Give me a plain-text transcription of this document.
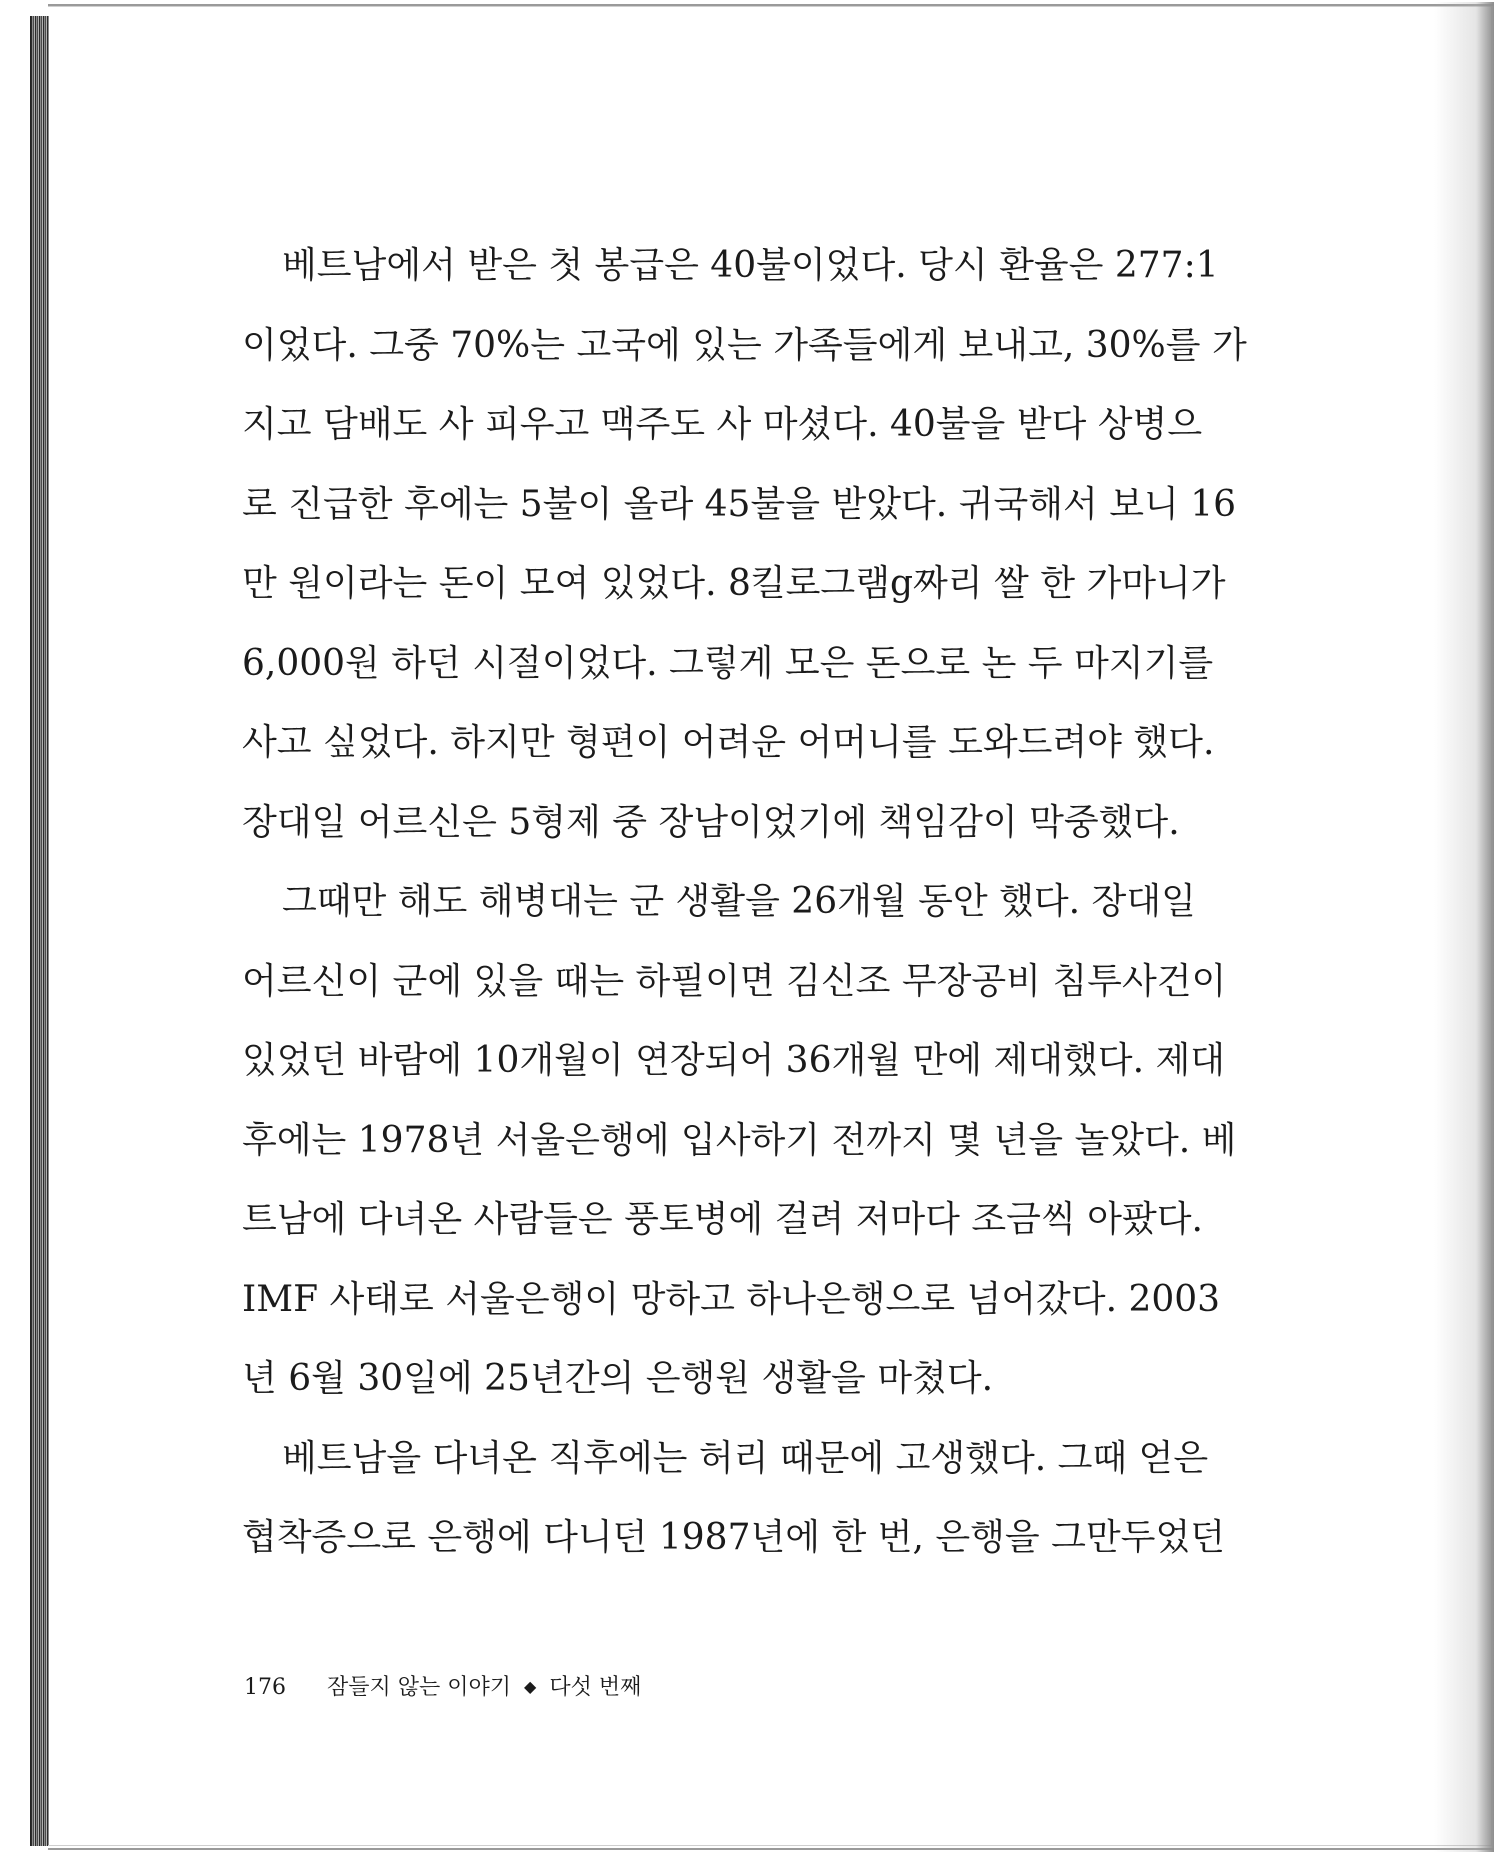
베트남에서 받은 첫 봉급은 40불이었다. 당시 환율은 277:1
이었다. 그중 70%는 고국에 있는 가족들에게 보내고, 30%를 가
지고 담배도 사 피우고 맥주도 사 마셨다. 40불을 받다 상병으
로 진급한 후에는 5불이 올라 45불을 받았다. 귀국해서 보니 16
만 원이라는 돈이 모여 있었다. 8킬로그램g짜리 쌀 한 가마니가
6,000원 하던 시절이었다. 그렇게 모은 돈으로 논 두 마지기를
사고 싶었다. 하지만 형편이 어려운 어머니를 도와드려야 했다.
장대일 어르신은 5형제 중 장남이었기에 책임감이 막중했다.

그때만 해도 해병대는 군 생활을 26개월 동안 했다. 장대일
어르신이 군에 있을 때는 하필이면 김신조 무장공비 침투사건이
있었던 바람에 10개월이 연장되어 36개월 만에 제대했다. 제대
후에는 1978년 서울은행에 입사하기 전까지 몇 년을 놀았다. 베
트남에 다녀온 사람들은 풍토병에 걸려 저마다 조금씩 아팠다.
IMF 사태로 서울은행이 망하고 하나은행으로 넘어갔다. 2003
년 6월 30일에 25년간의 은행원 생활을 마쳤다.

베트남을 다녀온 직후에는 허리 때문에 고생했다. 그때 얻은
협착증으로 은행에 다니던 1987년에 한 번, 은행을 그만두었던

176 잠들지 않는 이야기 ◆ 다섯 번째
